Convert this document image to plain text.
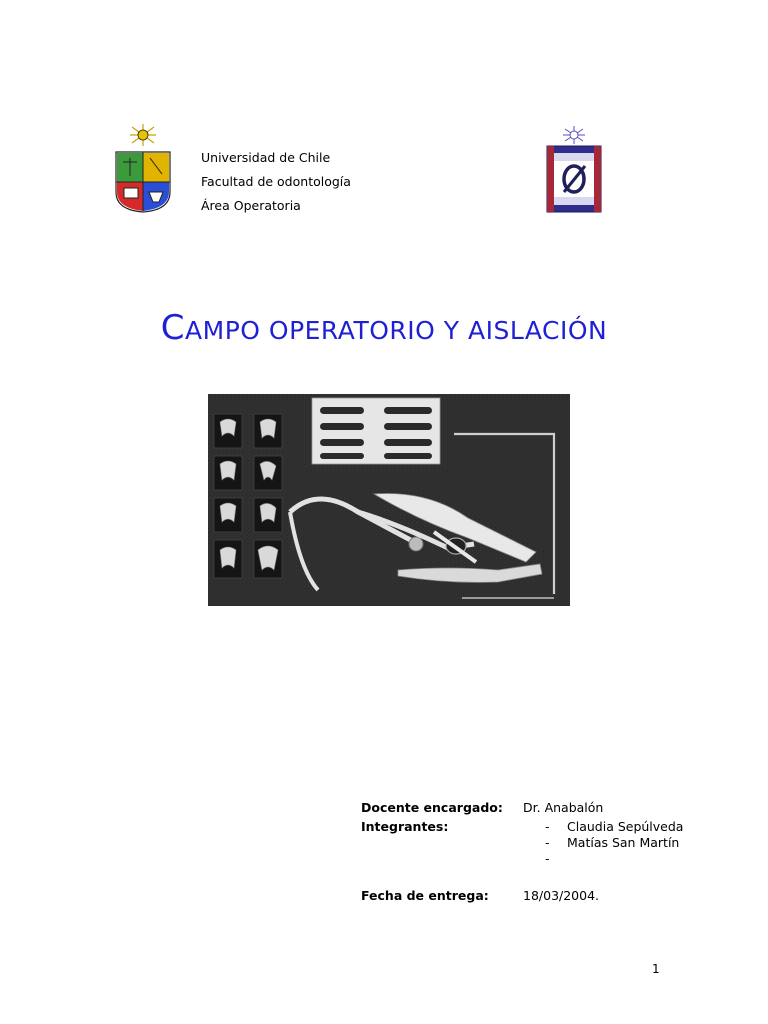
Universidad de Chile
Facultad de odontología
Área Operatoria
CAMPO OPERATORIO Y AISLACIÓN
Docente encargado: Dr. Anabalón
Integrantes:	- Claudia Sepúlveda
- Matías San Martín
-
Fecha de entrega:	18/03/2004.
1
